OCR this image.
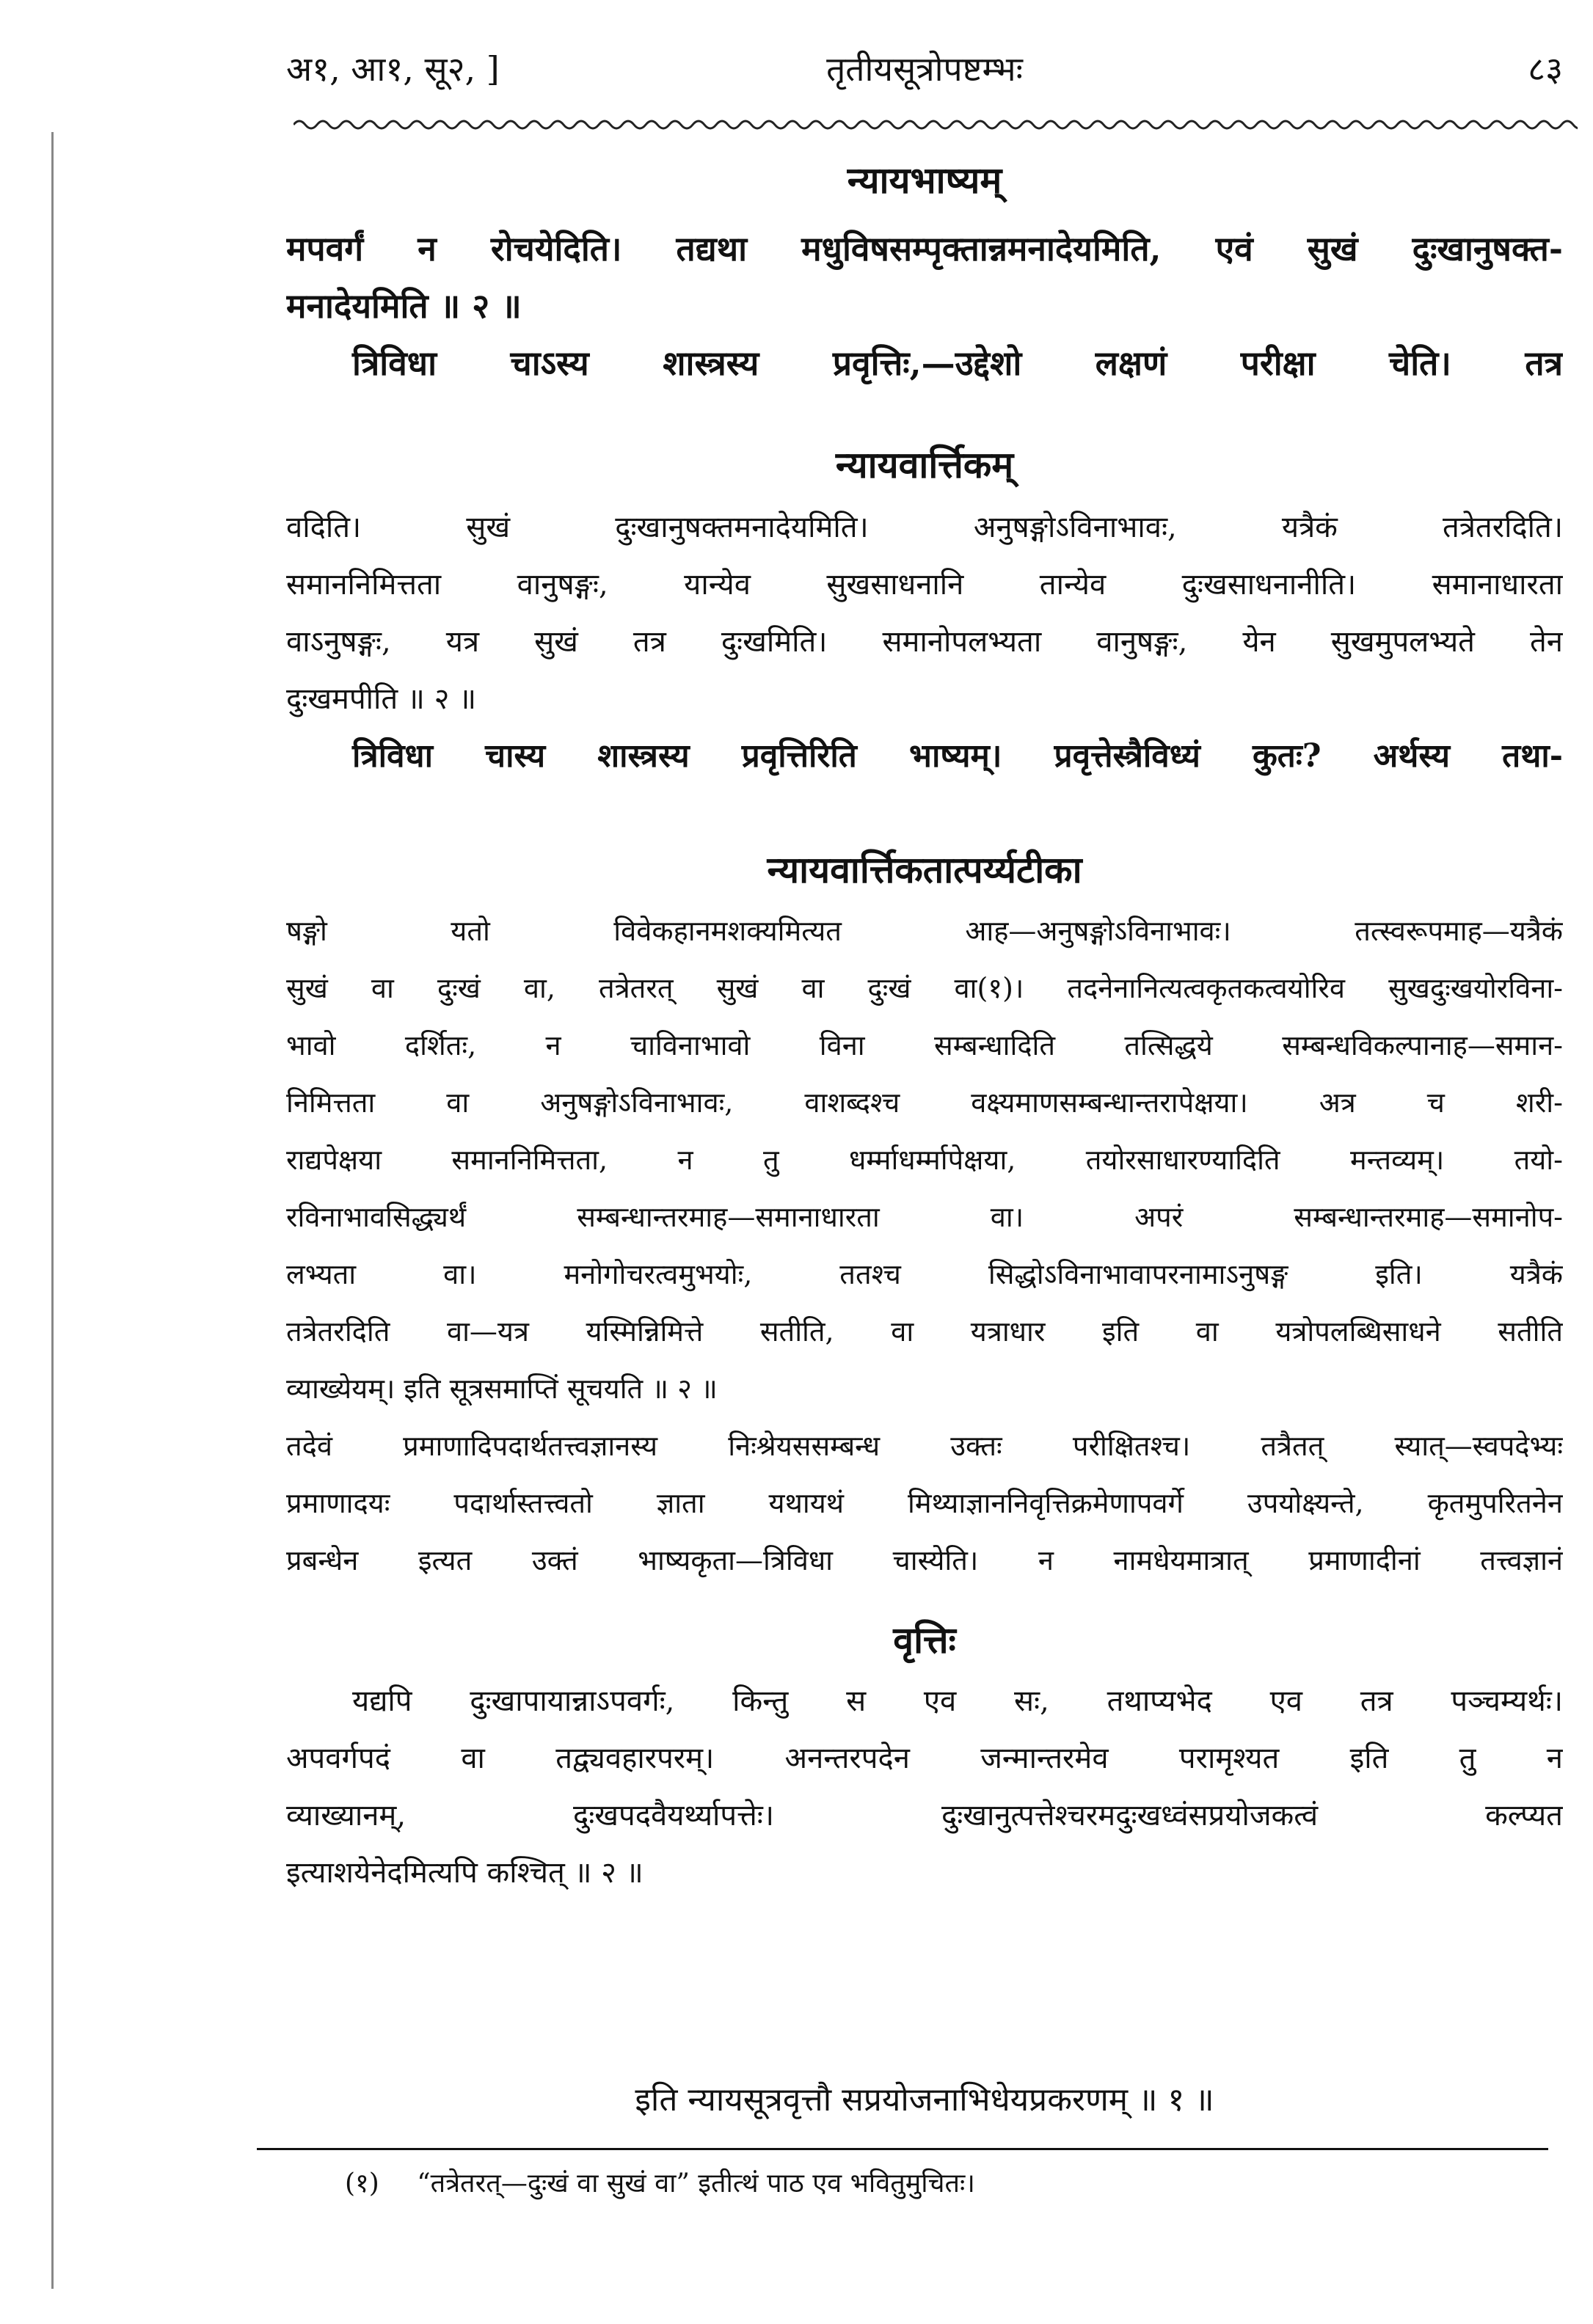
अ१, आ१, सू२, ]	तृतीयसूत्रोपष्टम्भः	८३
न्यायभाष्यम्
मपवर्गं न रोचयेदिति। तद्यथा मधुविषसम्पृक्तान्नमनादेयमिति, एवं सुखं दुःखानुषक्त-
मनादेयमिति ॥ २ ॥
त्रिविधा चाऽस्य शास्त्रस्य प्रवृत्तिः,—उद्देशो लक्षणं परीक्षा चेति। तत्र
न्यायवार्त्तिकम्
वदिति। सुखं दुःखानुषक्तमनादेयमिति। अनुषङ्गोऽविनाभावः, यत्रैकं तत्रेतरदिति।
समाननिमित्तता वानुषङ्गः, यान्येव सुखसाधनानि तान्येव दुःखसाधनानीति। समानाधारता
वाऽनुषङ्गः, यत्र सुखं तत्र दुःखमिति। समानोपलभ्यता वानुषङ्गः, येन सुखमुपलभ्यते तेन
दुःखमपीति ॥ २ ॥
त्रिविधा चास्य शास्त्रस्य प्रवृत्तिरिति भाष्यम्। प्रवृत्तेस्त्रैविध्यं कुतः? अर्थस्य तथा-
न्यायवार्त्तिकतात्पर्य्यटीका
षङ्गो यतो विवेकहानमशक्यमित्यत आह—अनुषङ्गोऽविनाभावः। तत्स्वरूपमाह—यत्रैकं
सुखं वा दुःखं वा, तत्रेतरत् सुखं वा दुःखं वा(१)। तदनेनानित्यत्वकृतकत्वयोरिव सुखदुःखयोरविना-
भावो दर्शितः, न चाविनाभावो विना सम्बन्धादिति तत्सिद्धये सम्बन्धविकल्पानाह—समान-
निमित्तता वा अनुषङ्गोऽविनाभावः, वाशब्दश्च वक्ष्यमाणसम्बन्धान्तरापेक्षया। अत्र च शरी-
राद्यपेक्षया समाननिमित्तता, न तु धर्म्माधर्म्मापेक्षया, तयोरसाधारण्यादिति मन्तव्यम्। तयो-
रविनाभावसिद्ध्यर्थं सम्बन्धान्तरमाह—समानाधारता वा। अपरं सम्बन्धान्तरमाह—समानोप-
लभ्यता वा। मनोगोचरत्वमुभयोः, ततश्च सिद्धोऽविनाभावापरनामाऽनुषङ्ग इति। यत्रैकं
तत्रेतरदिति वा—यत्र यस्मिन्निमित्ते सतीति, वा यत्राधार इति वा यत्रोपलब्धिसाधने सतीति
व्याख्येयम्। इति सूत्रसमाप्तिं सूचयति ॥ २ ॥
तदेवं प्रमाणादिपदार्थतत्त्वज्ञानस्य निःश्रेयससम्बन्ध उक्तः परीक्षितश्च। तत्रैतत् स्यात्—स्वपदेभ्यः
प्रमाणादयः पदार्थास्तत्त्वतो ज्ञाता यथायथं मिथ्याज्ञाननिवृत्तिक्रमेणापवर्गे उपयोक्ष्यन्ते, कृतमुपरितनेन
प्रबन्धेन इत्यत उक्तं भाष्यकृता—त्रिविधा चास्येति। न नामधेयमात्रात् प्रमाणादीनां तत्त्वज्ञानं
वृत्तिः
यद्यपि दुःखापायान्नाऽपवर्गः, किन्तु स एव सः, तथाप्यभेद एव तत्र पञ्चम्यर्थः।
अपवर्गपदं वा तद्व्यवहारपरम्। अनन्तरपदेन जन्मान्तरमेव परामृश्यत इति तु न
व्याख्यानम्, दुःखपदवैयर्थ्यापत्तेः। दुःखानुत्पत्तेश्चरमदुःखध्वंसप्रयोजकत्वं कल्प्यत
इत्याशयेनेदमित्यपि कश्चित् ॥ २ ॥
इति न्यायसूत्रवृत्तौ सप्रयोजनाभिधेयप्रकरणम् ॥ १ ॥
(१) “तत्रेतरत्—दुःखं वा सुखं वा” इतीत्थं पाठ एव भवितुमुचितः।
